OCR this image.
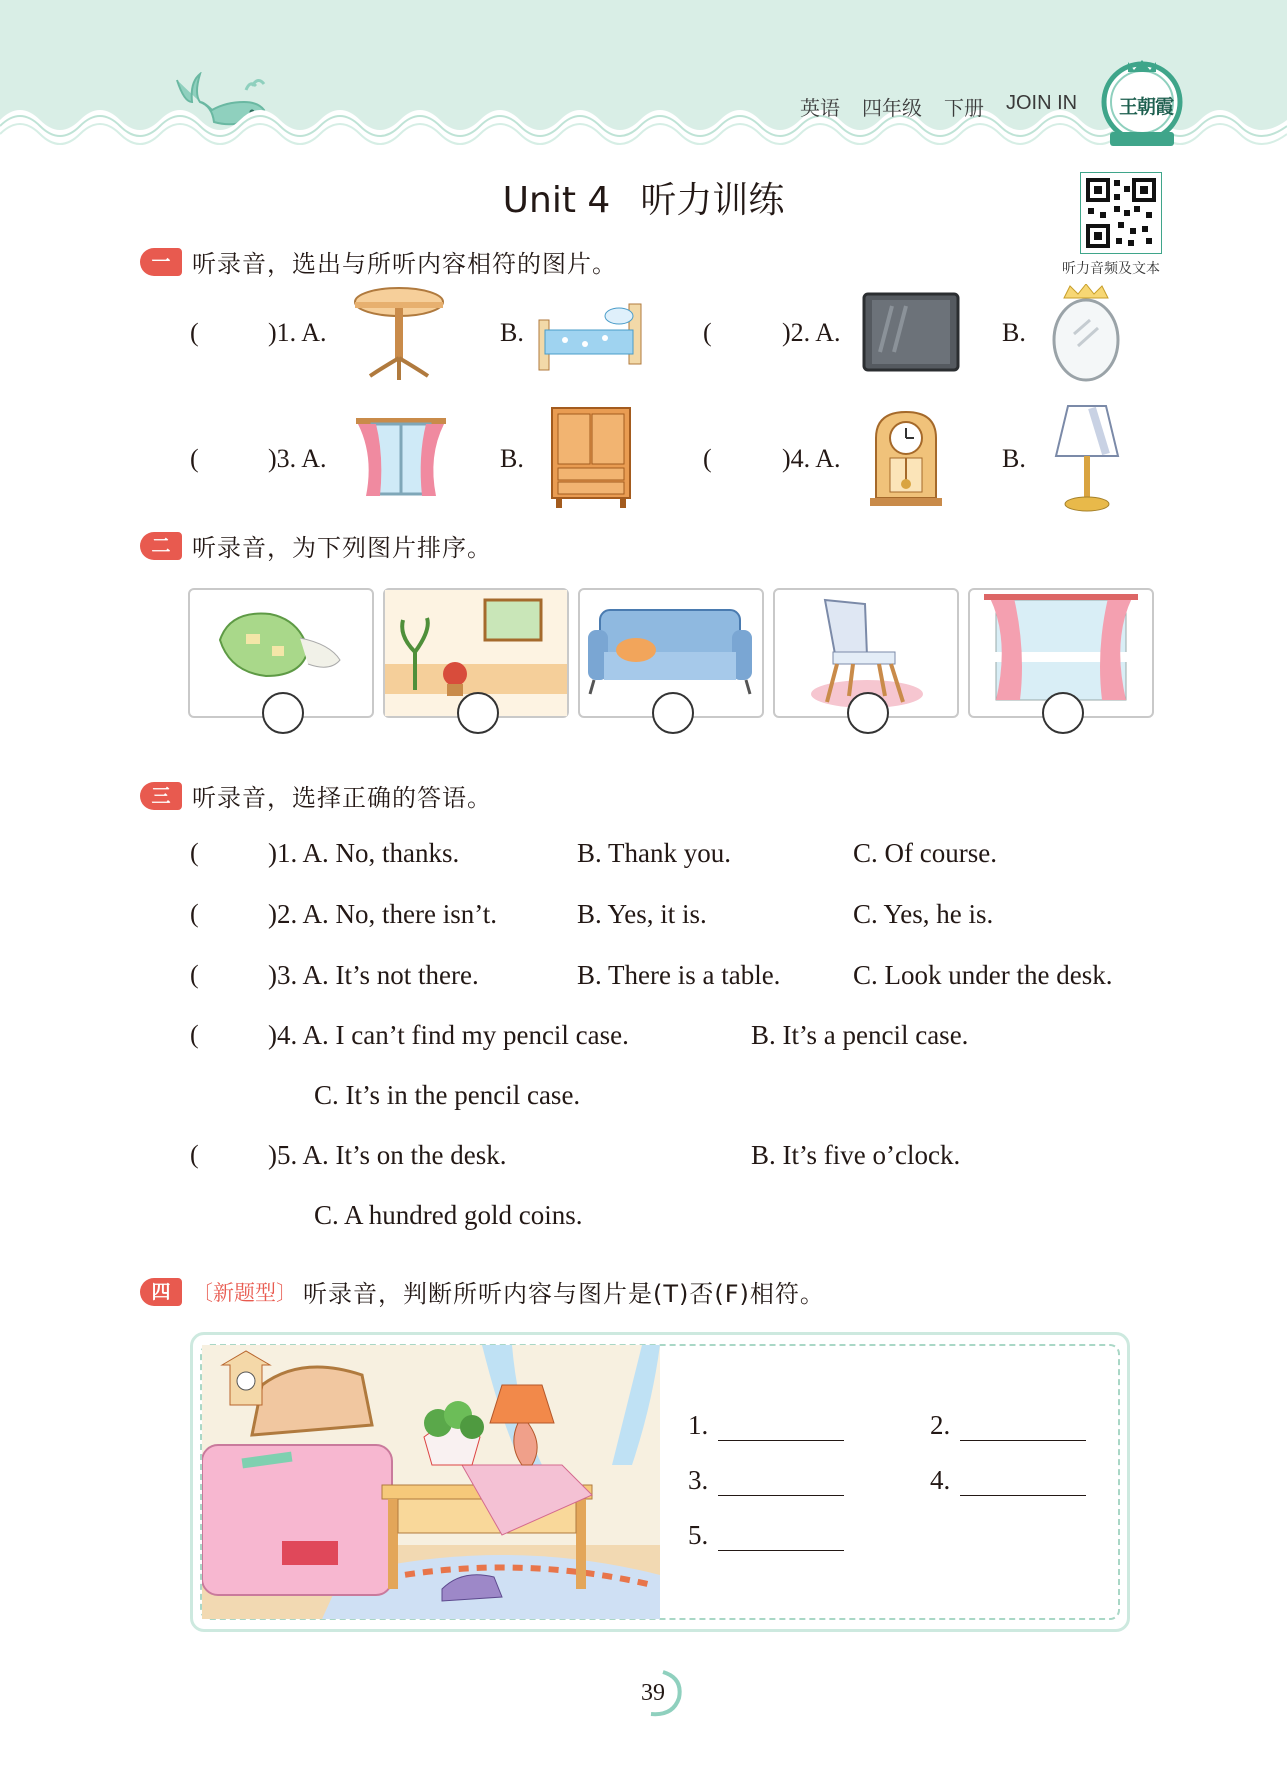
英语 四年级 下册 JOIN IN 王朝霞
Unit 4 听力训练
听力音频及文本
一 听录音，选出与所听内容相符的图片。
(	)1. A.	B.	(	)2. A.	B.
(	)3. A.	B.	(	)4. A.	B.
二 听录音，为下列图片排序。
三 听录音，选择正确的答语。
(	)1. A. No, thanks.	B. Thank you.	C. Of course.
(	)2. A. No, there isn’t.	B. Yes, it is.	C. Yes, he is.
(	)3. A. It’s not there.	B. There is a table.	C. Look under the desk.
(	)4. A. I can’t find my pencil case.	B. It’s a pencil case.
C. It’s in the pencil case.
(	)5. A. It’s on the desk.	B. It’s five o’clock.
C. A hundred gold coins.
四	〔新题型〕 听录音，判断所听内容与图片是(T)否(F)相符。
1.	2.
3.	4.
5.
39
